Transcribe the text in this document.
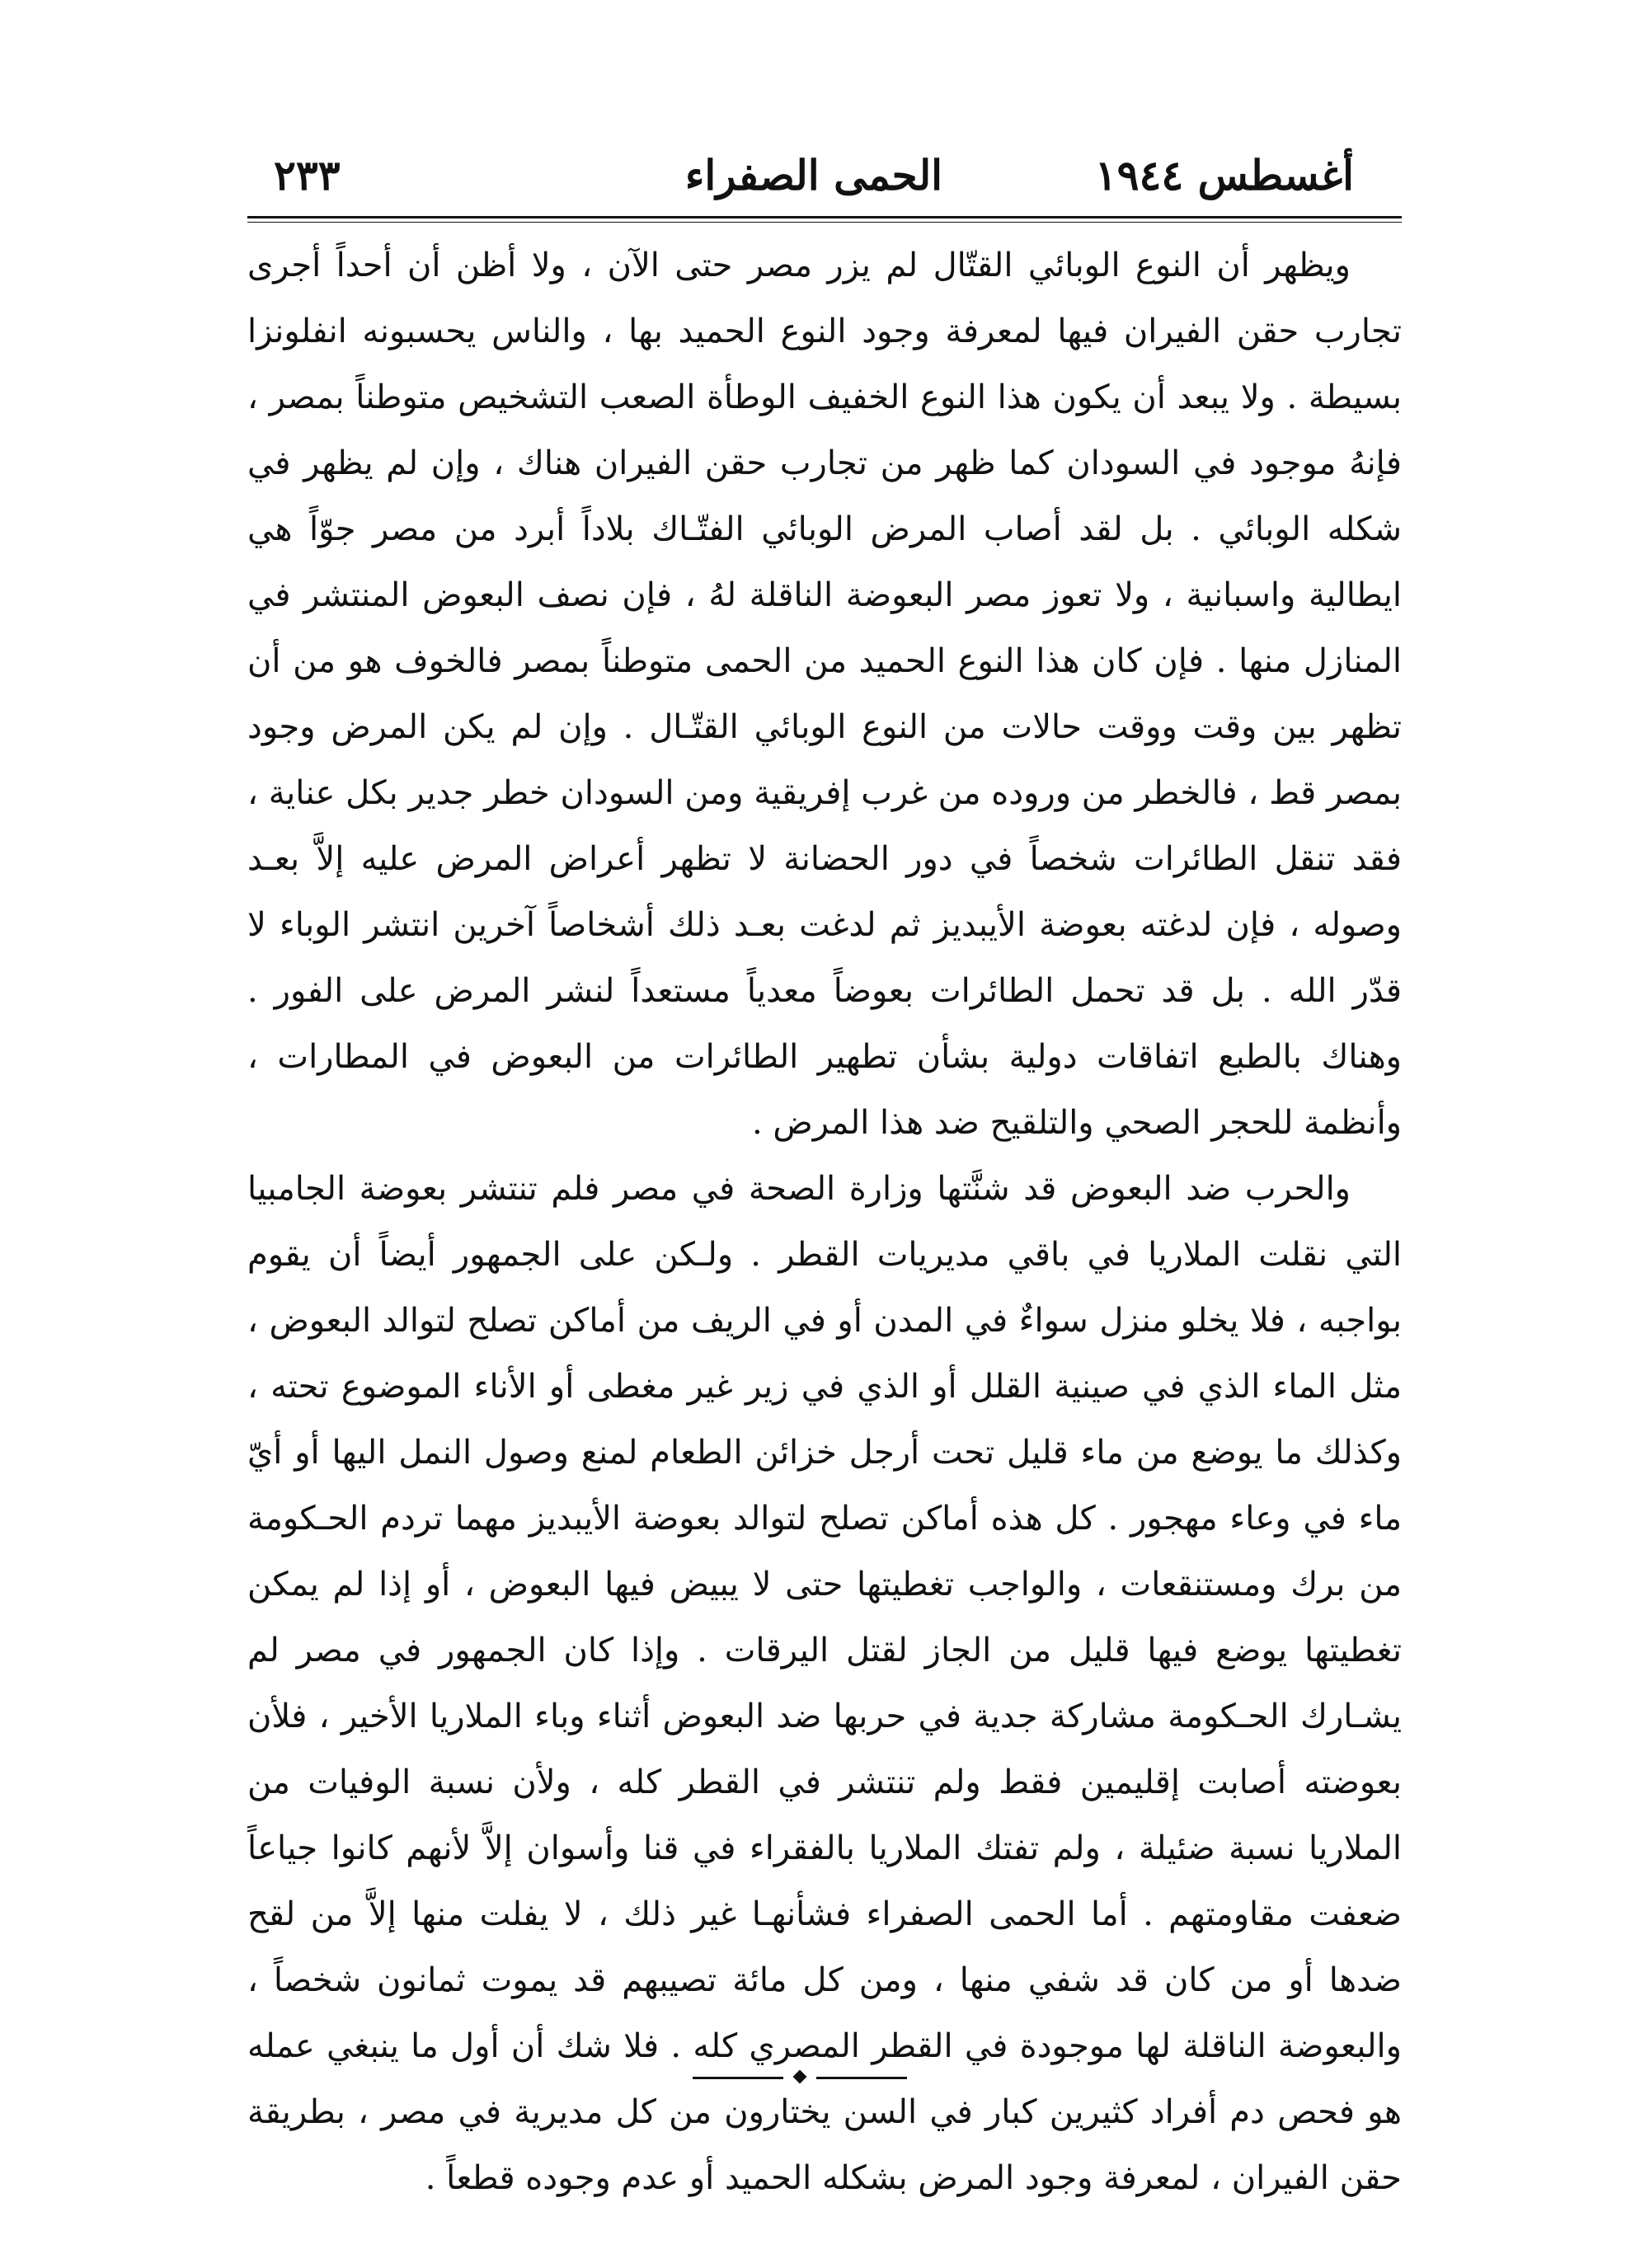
أغسطس ١٩٤٤
الحمى الصفراء
٢٣٣

ويظهر أن النوع الوبائي القتّال لم يزر مصر حتى الآن ، ولا أظن أن أحداً أجرى تجارب حقن الفيران فيها لمعرفة وجود النوع الحميد بها ، والناس يحسبونه انفلونزا بسيطة . ولا يبعد أن يكون هذا النوع الخفيف الوطأة الصعب التشخيص متوطناً بمصر ، فإنهُ موجود في السودان كما ظهر من تجارب حقن الفيران هناك ، وإن لم يظهر في شكله الوبائي . بل لقد أصاب المرض الوبائي الفتّـاك بلاداً أبرد من مصر جوّاً هي ايطالية واسبانية ، ولا تعوز مصر البعوضة الناقلة لهُ ، فإن نصف البعوض المنتشر في المنازل منها . فإن كان هذا النوع الحميد من الحمى متوطناً بمصر فالخوف هو من أن تظهر بين وقت ووقت حالات من النوع الوبائي القتّـال . وإن لم يكن المرض وجود بمصر قط ، فالخطر من وروده من غرب إفريقية ومن السودان خطر جدير بكل عناية ، فقد تنقل الطائرات شخصاً في دور الحضانة لا تظهر أعراض المرض عليه إلاَّ بعـد وصوله ، فإن لدغته بعوضة الأيبديز ثم لدغت بعـد ذلك أشخاصاً آخرين انتشر الوباء لا قدّر الله . بل قد تحمل الطائرات بعوضاً معدياً مستعداً لنشر المرض على الفور . وهناك بالطبع اتفاقات دولية بشأن تطهير الطائرات من البعوض في المطارات ، وأنظمة للحجر الصحي والتلقيح ضد هذا المرض .

والحرب ضد البعوض قد شنَّتها وزارة الصحة في مصر فلم تنتشر بعوضة الجامبيا التي نقلت الملاريا في باقي مديريات القطر . ولـكن على الجمهور أيضاً أن يقوم بواجبه ، فلا يخلو منزل سواءٌ في المدن أو في الريف من أماكن تصلح لتوالد البعوض ، مثل الماء الذي في صينية القلل أو الذي في زير غير مغطى أو الأناء الموضوع تحته ، وكذلك ما يوضع من ماء قليل تحت أرجل خزائن الطعام لمنع وصول النمل اليها أو أيّ ماء في وعاء مهجور . كل هذه أماكن تصلح لتوالد بعوضة الأيبديز مهما تردم الحـكومة من برك ومستنقعات ، والواجب تغطيتها حتى لا يبيض فيها البعوض ، أو إذا لم يمكن تغطيتها يوضع فيها قليل من الجاز لقتل اليرقات . وإذا كان الجمهور في مصر لم يشـارك الحـكومة مشاركة جدية في حربها ضد البعوض أثناء وباء الملاريا الأخير ، فلأن بعوضته أصابت إقليمين فقط ولم تنتشر في القطر كله ، ولأن نسبة الوفيات من الملاريا نسبة ضئيلة ، ولم تفتك الملاريا بالفقراء في قنا وأسوان إلاَّ لأنهم كانوا جياعاً ضعفت مقاومتهم . أما الحمى الصفراء فشأنهـا غير ذلك ، لا يفلت منها إلاَّ من لقح ضدها أو من كان قد شفي منها ، ومن كل مائة تصيبهم قد يموت ثمانون شخصاً ، والبعوضة الناقلة لها موجودة في القطر المصري كله . فلا شك أن أول ما ينبغي عمله هو فحص دم أفراد كثيرين كبار في السن يختارون من كل مديرية في مصر ، بطريقة حقن الفيران ، لمعرفة وجود المرض بشكله الحميد أو عدم وجوده قطعاً .
